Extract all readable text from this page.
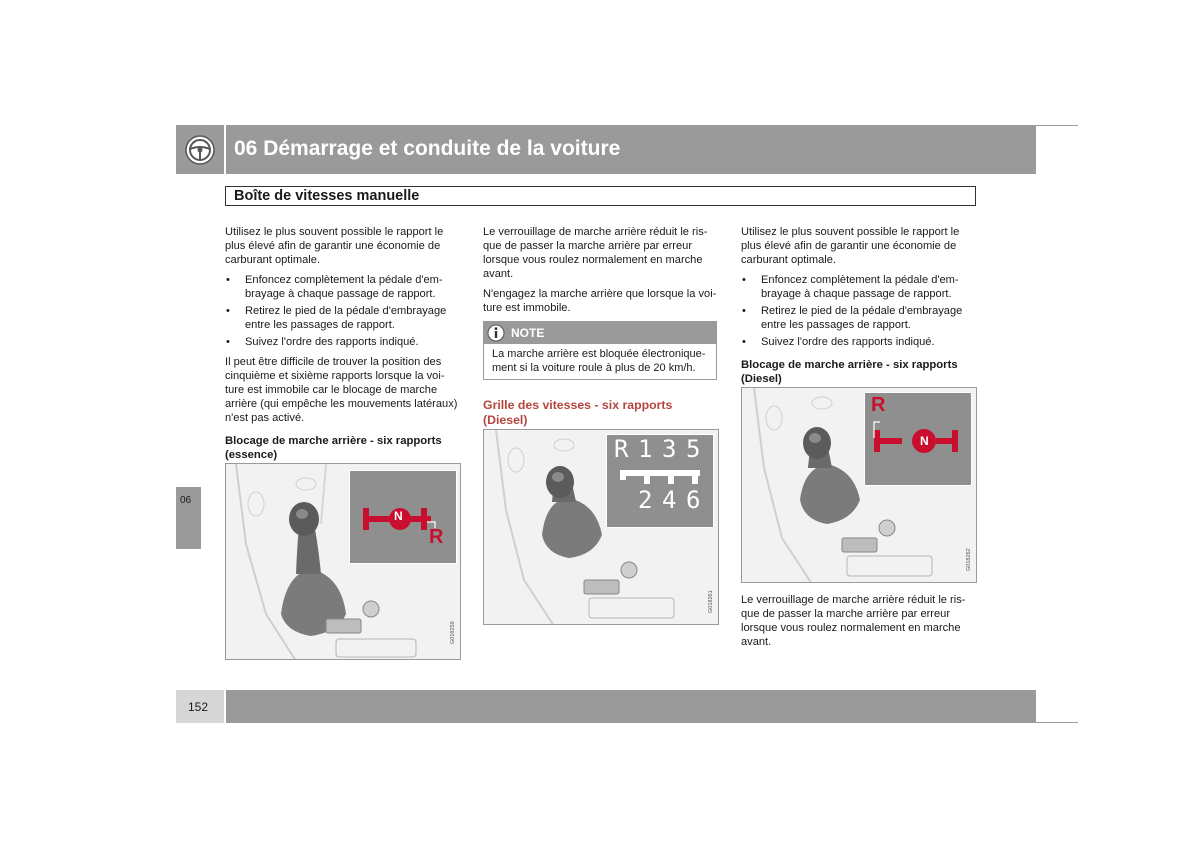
06 Démarrage et conduite de la voiture
Boîte de vitesses manuelle

Utilisez le plus souvent possible le rapport le plus élevé afin de garantir une économie de carburant optimale.

• Enfoncez complètement la pédale d'em-brayage à chaque passage de rapport.
• Retirez le pied de la pédale d'embrayage entre les passages de rapport.
• Suivez l'ordre des rapports indiqué.

Il peut être difficile de trouver la position des cinquième et sixième rapports lorsque la voi-ture est immobile car le blocage de marche arrière (qui empêche les mouvements latéraux) n'est pas activé.

Blocage de marche arrière - six rapports (essence)
N
R
G018259

Le verrouillage de marche arrière réduit le ris-que de passer la marche arrière par erreur lorsque vous roulez normalement en marche avant.

N'engagez la marche arrière que lorsque la voi-ture est immobile.

NOTE
La marche arrière est bloquée électronique-ment si la voiture roule à plus de 20 km/h.
Grille des vitesses - six rapports (Diesel)
R 1 3 5
2 4 6
G018261

Utilisez le plus souvent possible le rapport le plus élevé afin de garantir une économie de carburant optimale.

• Enfoncez complètement la pédale d'em-brayage à chaque passage de rapport.
• Retirez le pied de la pédale d'embrayage entre les passages de rapport.
• Suivez l'ordre des rapports indiqué.
Blocage de marche arrière - six rapports (Diesel)
R
N
G018262

Le verrouillage de marche arrière réduit le ris-que de passer la marche arrière par erreur lorsque vous roulez normalement en marche avant.

06
152
